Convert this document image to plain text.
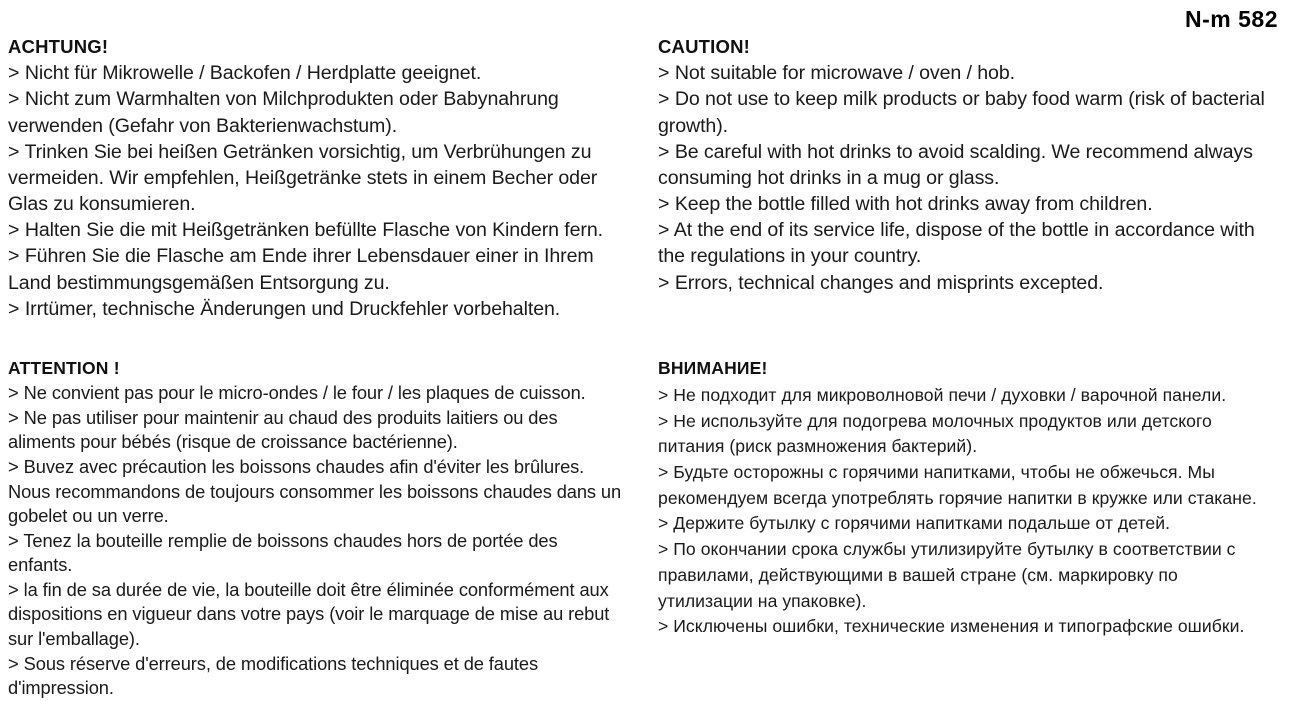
N-m 582
ACHTUNG!
> Nicht für Mikrowelle / Backofen / Herdplatte geeignet.
> Nicht zum Warmhalten von Milchprodukten oder Babynahrung verwenden (Gefahr von Bakterienwachstum).
> Trinken Sie bei heißen Getränken vorsichtig, um Verbrühungen zu vermeiden. Wir empfehlen, Heißgetränke stets in einem Becher oder Glas zu konsumieren.
> Halten Sie die mit Heißgetränken befüllte Flasche von Kindern fern.
> Führen Sie die Flasche am Ende ihrer Lebensdauer einer in Ihrem Land bestimmungsgemäßen Entsorgung zu.
> Irrtümer, technische Änderungen und Druckfehler vorbehalten.
CAUTION!
> Not suitable for microwave / oven / hob.
> Do not use to keep milk products or baby food warm (risk of bacterial growth).
> Be careful with hot drinks to avoid scalding. We recommend always consuming hot drinks in a mug or glass.
> Keep the bottle filled with hot drinks away from children.
> At the end of its service life, dispose of the bottle in accordance with the regulations in your country.
> Errors, technical changes and misprints excepted.
ATTENTION !
> Ne convient pas pour le micro-ondes / le four / les plaques de cuisson.
> Ne pas utiliser pour maintenir au chaud des produits laitiers ou des aliments pour bébés (risque de croissance bactérienne).
> Buvez avec précaution les boissons chaudes afin d'éviter les brûlures. Nous recommandons de toujours consommer les boissons chaudes dans un gobelet ou un verre.
> Tenez la bouteille remplie de boissons chaudes hors de portée des enfants.
> la fin de sa durée de vie, la bouteille doit être éliminée conformément aux dispositions en vigueur dans votre pays (voir le marquage de mise au rebut sur l'emballage).
> Sous réserve d'erreurs, de modifications techniques et de fautes d'impression.
ВНИМАНИЕ!
> Не подходит для микроволновой печи / духовки / варочной панели.
> Не используйте для подогрева молочных продуктов или детского питания (риск размножения бактерий).
> Будьте осторожны с горячими напитками, чтобы не обжечься. Мы рекомендуем всегда употреблять горячие напитки в кружке или стакане.
> Держите бутылку с горячими напитками подальше от детей.
> По окончании срока службы утилизируйте бутылку в соответствии с правилами, действующими в вашей стране (см. маркировку по утилизации на упаковке).
> Исключены ошибки, технические изменения и типографские ошибки.
